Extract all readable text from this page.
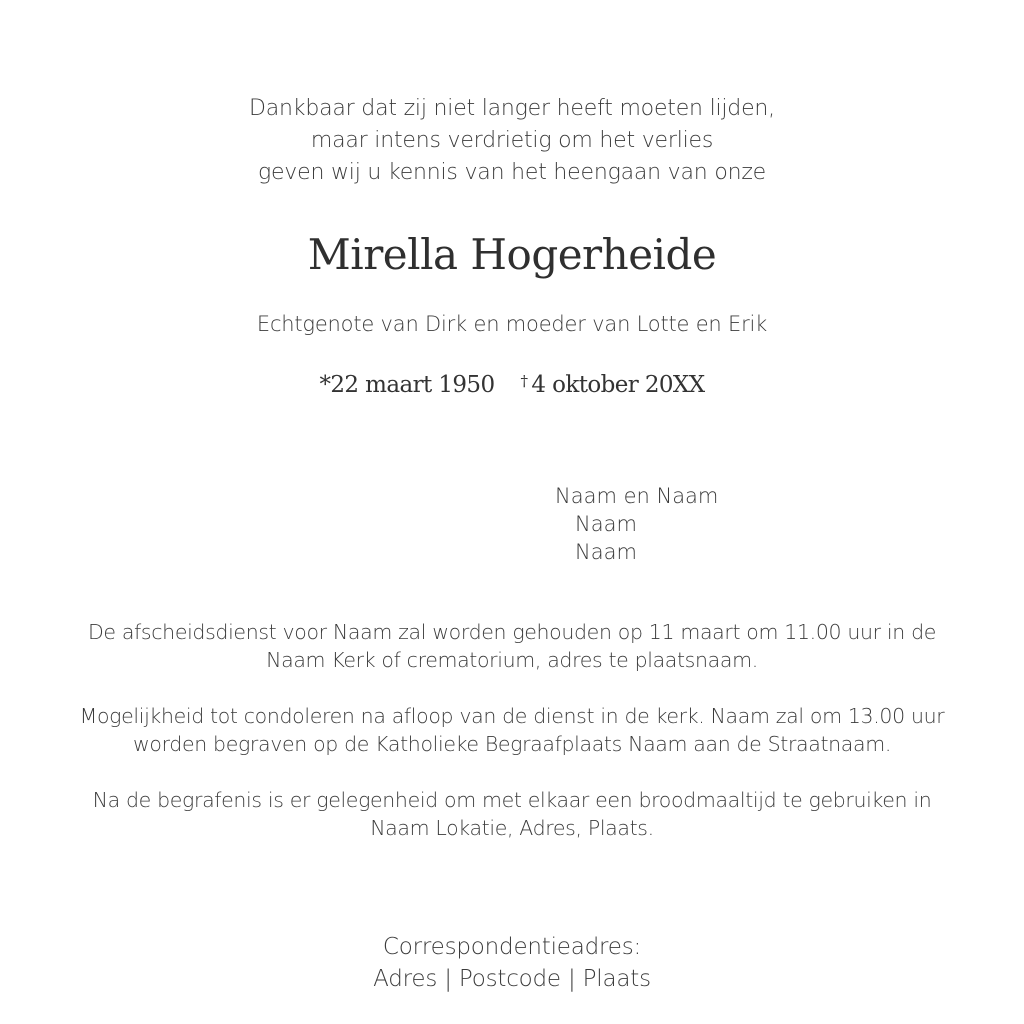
Dankbaar dat zij niet langer heeft moeten lijden,
maar intens verdrietig om het verlies
geven wij u kennis van het heengaan van onze
Mirella Hogerheide
Echtgenote van Dirk en moeder van Lotte en Erik
*22 maart 1950 † 4 oktober 20XX
Naam en Naam
Naam
Naam
De afscheidsdienst voor Naam zal worden gehouden op 11 maart om 11.00 uur in de
Naam Kerk of crematorium, adres te plaatsnaam.
Mogelijkheid tot condoleren na afloop van de dienst in de kerk. Naam zal om 13.00 uur
worden begraven op de Katholieke Begraafplaats Naam aan de Straatnaam.
Na de begrafenis is er gelegenheid om met elkaar een broodmaaltijd te gebruiken in
Naam Lokatie, Adres, Plaats.
Correspondentieadres:
Adres | Postcode | Plaats
